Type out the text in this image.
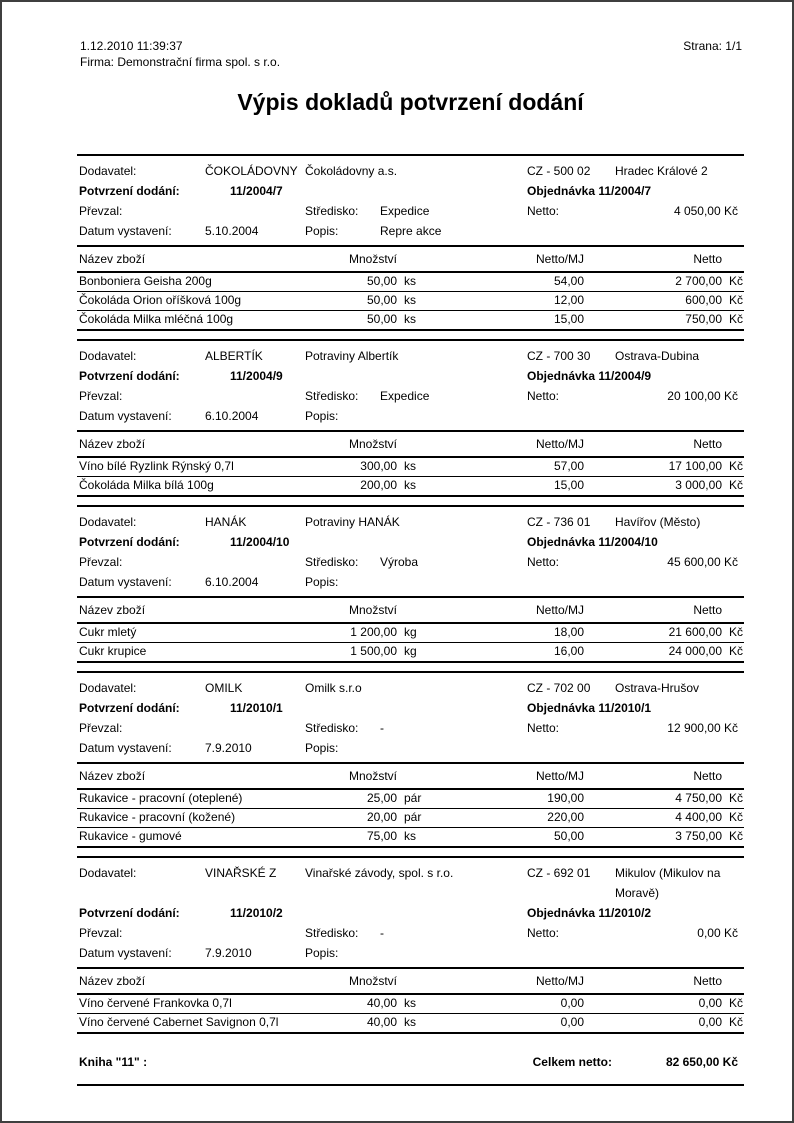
1.12.2010 11:39:37
Firma: Demonstrační firma spol. s r.o.
Strana: 1/1
Výpis dokladů potvrzení dodání
Dodavatel:	ČOKOLÁDOVNY Čokoládovny a.s.	CZ - 500 02	Hradec Králové 2
Potvrzení dodání:	11/2004/7	Objednávka 11/2004/7
Převzal:	Středisko:	Expedice	Netto:	4 050,00 Kč
Datum vystavení:	5.10.2004	Popis:	Repre akce
Název zboží	Množství	Netto/MJ	Netto
Bonboniera Geisha 200g	50,00 ks	54,00	2 700,00 Kč
Čokoláda Orion oříšková 100g	50,00 ks	12,00	600,00 Kč
Čokoláda Milka mléčná 100g	50,00 ks	15,00	750,00 Kč
Dodavatel:	ALBERTÍK	Potraviny Albertík	CZ - 700 30	Ostrava-Dubina
Potvrzení dodání:	11/2004/9	Objednávka 11/2004/9
Převzal:	Středisko:	Expedice	Netto:	20 100,00 Kč
Datum vystavení:	6.10.2004	Popis:
Název zboží	Množství	Netto/MJ	Netto
Víno bílé Ryzlink Rýnský 0,7l	300,00 ks	57,00	17 100,00 Kč
Čokoláda Milka bílá 100g	200,00 ks	15,00	3 000,00 Kč
Dodavatel:	HANÁK	Potraviny HANÁK	CZ - 736 01	Havířov (Město)
Potvrzení dodání:	11/2004/10	Objednávka 11/2004/10
Převzal:	Středisko:	Výroba	Netto:	45 600,00 Kč
Datum vystavení:	6.10.2004	Popis:
Název zboží	Množství	Netto/MJ	Netto
Cukr mletý	1 200,00 kg	18,00	21 600,00 Kč
Cukr krupice	1 500,00 kg	16,00	24 000,00 Kč
Dodavatel:	OMILK	Omilk s.r.o	CZ - 702 00	Ostrava-Hrušov
Potvrzení dodání:	11/2010/1	Objednávka 11/2010/1
Převzal:	Středisko:	-	Netto:	12 900,00 Kč
Datum vystavení:	7.9.2010	Popis:
Název zboží	Množství	Netto/MJ	Netto
Rukavice - pracovní (oteplené)	25,00 pár	190,00	4 750,00 Kč
Rukavice - pracovní (kožené)	20,00 pár	220,00	4 400,00 Kč
Rukavice - gumové	75,00 ks	50,00	3 750,00 Kč
Dodavatel:	VINAŘSKÉ Z	Vinařské závody, spol. s r.o.	CZ - 692 01	Mikulov (Mikulov na Moravě)
Potvrzení dodání:	11/2010/2	Objednávka 11/2010/2
Převzal:	Středisko:	-	Netto:	0,00 Kč
Datum vystavení:	7.9.2010	Popis:
Název zboží	Množství	Netto/MJ	Netto
Víno červené Frankovka 0,7l	40,00 ks	0,00	0,00 Kč
Víno červené Cabernet Savignon 0,7l	40,00 ks	0,00	0,00 Kč
Kniha "11" :	Celkem netto:	82 650,00 Kč
